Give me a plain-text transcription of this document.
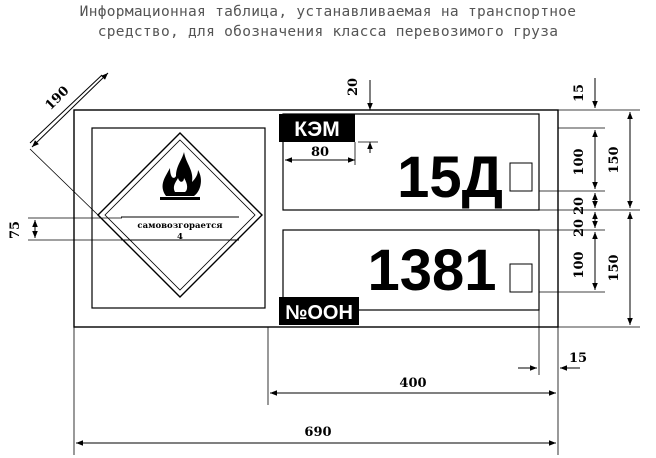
Информационная таблица, устанавливаемая на транспортное
средство, для обозначения класса перевозимого груза
самовозгорается
4
КЭМ
№ООН
15Д
1381
190
75
80
20	15
100
20
20
100
150
150
15
400
690
